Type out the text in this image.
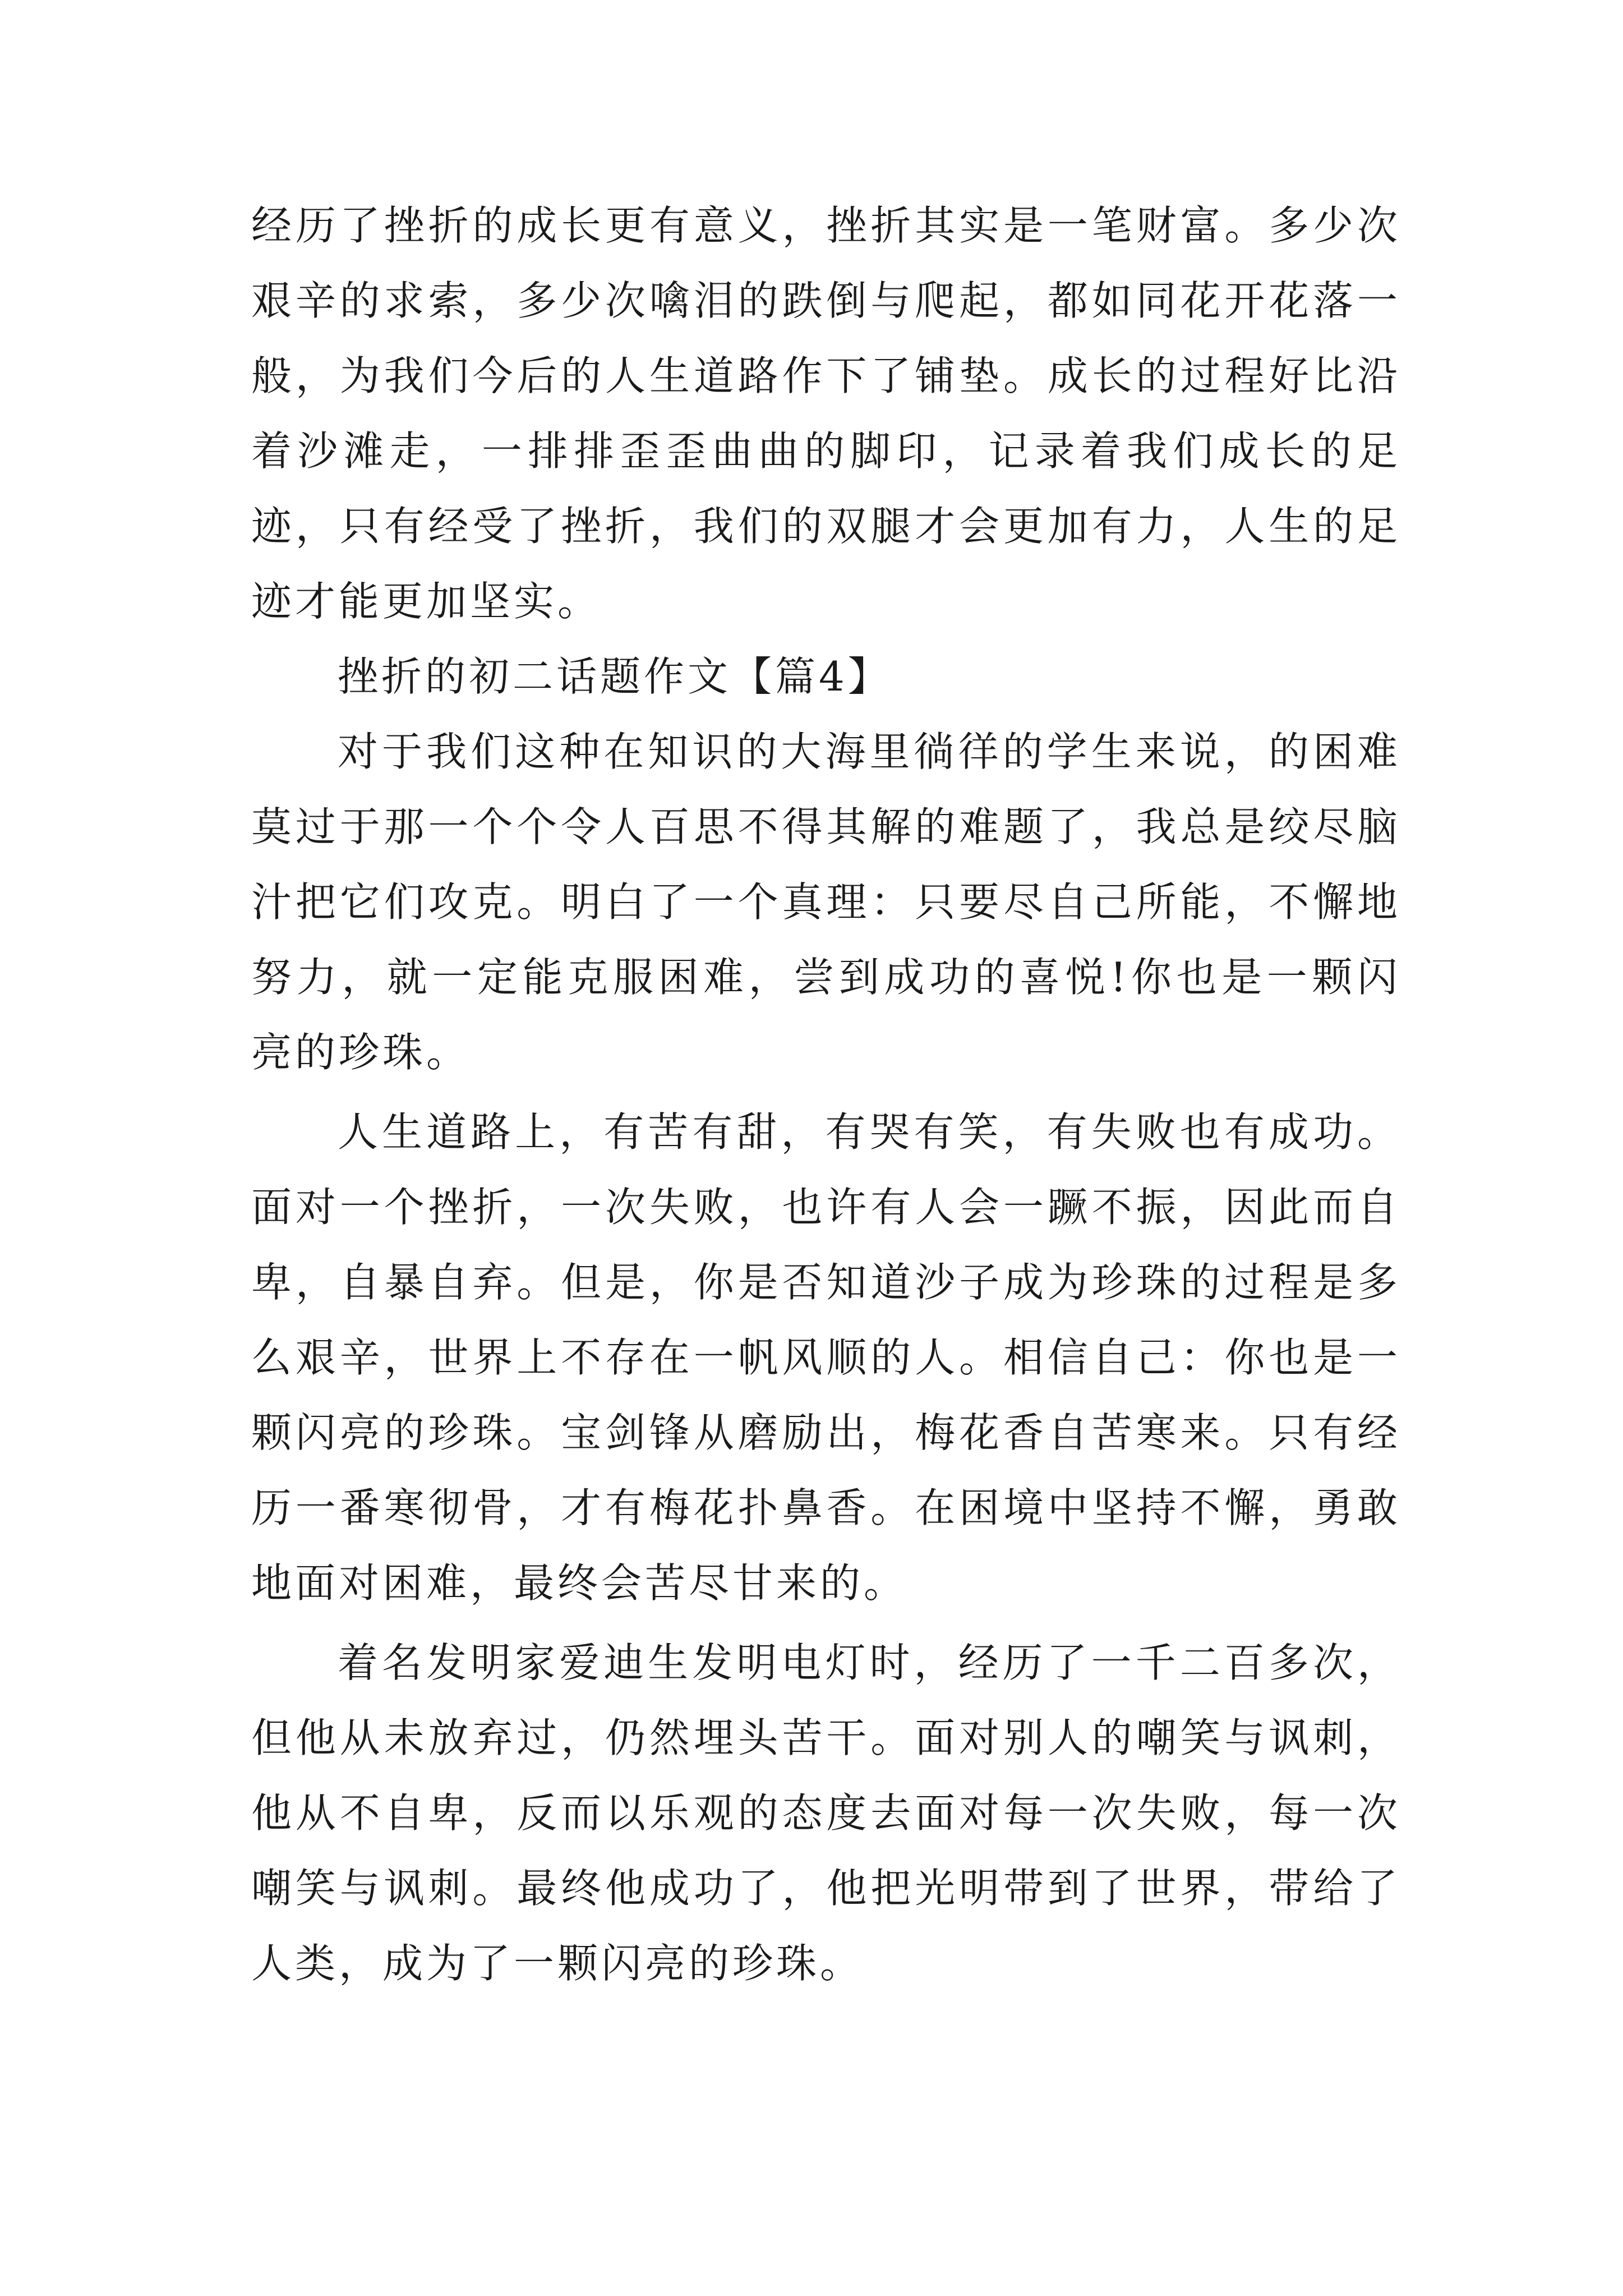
经历了挫折的成长更有意义，挫折其实是一笔财富。多少次艰辛的求索，多少次噙泪的跌倒与爬起，都如同花开花落一般，为我们今后的人生道路作下了铺垫。成长的过程好比沿着沙滩走，一排排歪歪曲曲的脚印，记录着我们成长的足迹，只有经受了挫折，我们的双腿才会更加有力，人生的足迹才能更加坚实。

挫折的初二话题作文【篇4】

对于我们这种在知识的大海里徜徉的学生来说，的困难莫过于那一个个令人百思不得其解的难题了，我总是绞尽脑汁把它们攻克。明白了一个真理：只要尽自己所能，不懈地努力，就一定能克服困难，尝到成功的喜悦!你也是一颗闪亮的珍珠。

人生道路上，有苦有甜，有哭有笑，有失败也有成功。面对一个挫折，一次失败，也许有人会一蹶不振，因此而自卑，自暴自弃。但是，你是否知道沙子成为珍珠的过程是多么艰辛，世界上不存在一帆风顺的人。相信自己：你也是一颗闪亮的珍珠。宝剑锋从磨励出，梅花香自苦寒来。只有经历一番寒彻骨，才有梅花扑鼻香。在困境中坚持不懈，勇敢地面对困难，最终会苦尽甘来的。

着名发明家爱迪生发明电灯时，经历了一千二百多次，但他从未放弃过，仍然埋头苦干。面对别人的嘲笑与讽刺，他从不自卑，反而以乐观的态度去面对每一次失败，每一次嘲笑与讽刺。最终他成功了，他把光明带到了世界，带给了人类，成为了一颗闪亮的珍珠。
